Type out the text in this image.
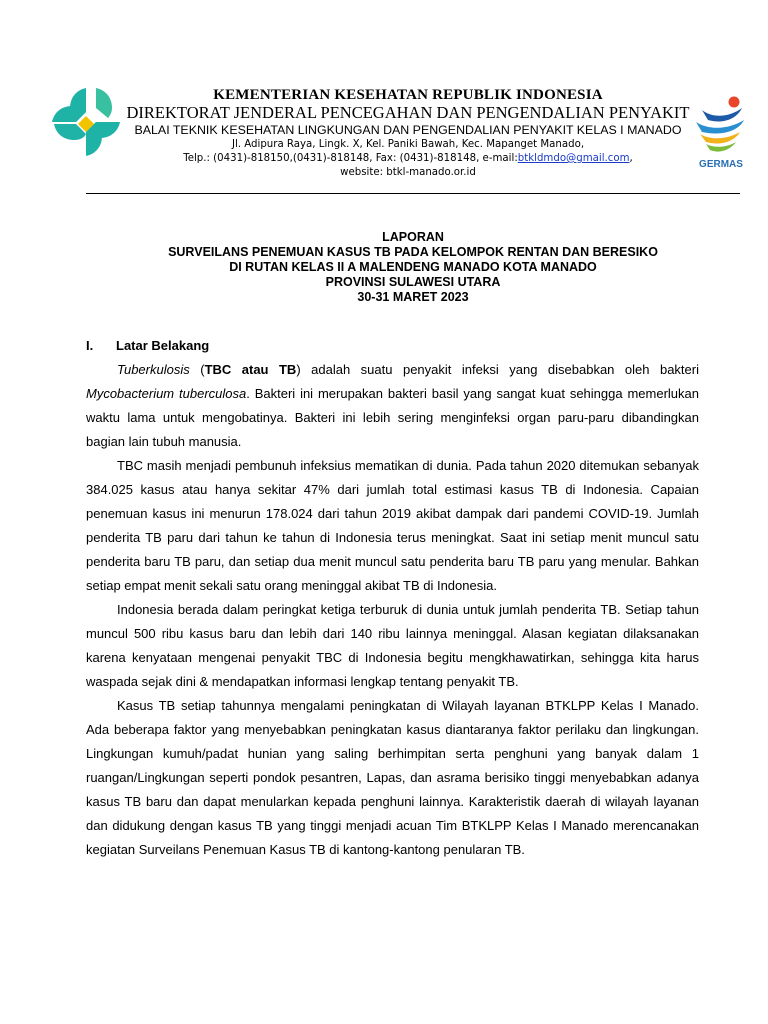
GERMAS
KEMENTERIAN KESEHATAN REPUBLIK INDONESIA
DIREKTORAT JENDERAL PENCEGAHAN DAN PENGENDALIAN PENYAKIT
BALAI TEKNIK KESEHATAN LINGKUNGAN DAN PENGENDALIAN PENYAKIT KELAS I MANADO
Jl. Adipura Raya, Lingk. X, Kel. Paniki Bawah, Kec. Mapanget Manado,
Telp.: (0431)-818150,(0431)-818148, Fax: (0431)-818148, e-mail:btkldmdo@gmail.com,
website: btkl-manado.or.id
LAPORAN
SURVEILANS PENEMUAN KASUS TB PADA KELOMPOK RENTAN DAN BERESIKO
DI RUTAN KELAS II A MALENDENG MANADO KOTA MANADO
PROVINSI SULAWESI UTARA
30-31 MARET 2023
I. Latar Belakang

Tuberkulosis (TBC atau TB) adalah suatu penyakit infeksi yang disebabkan oleh bakteri Mycobacterium tuberculosa. Bakteri ini merupakan bakteri basil yang sangat kuat sehingga memerlukan waktu lama untuk mengobatinya. Bakteri ini lebih sering menginfeksi organ paru-paru dibandingkan bagian lain tubuh manusia.

TBC masih menjadi pembunuh infeksius mematikan di dunia. Pada tahun 2020 ditemukan sebanyak 384.025 kasus atau hanya sekitar 47% dari jumlah total estimasi kasus TB di Indonesia. Capaian penemuan kasus ini menurun 178.024 dari tahun 2019 akibat dampak dari pandemi COVID-19. Jumlah penderita TB paru dari tahun ke tahun di Indonesia terus meningkat. Saat ini setiap menit muncul satu penderita baru TB paru, dan setiap dua menit muncul satu penderita baru TB paru yang menular. Bahkan setiap empat menit sekali satu orang meninggal akibat TB di Indonesia.

Indonesia berada dalam peringkat ketiga terburuk di dunia untuk jumlah penderita TB. Setiap tahun muncul 500 ribu kasus baru dan lebih dari 140 ribu lainnya meninggal. Alasan kegiatan dilaksanakan karena kenyataan mengenai penyakit TBC di Indonesia begitu mengkhawatirkan, sehingga kita harus waspada sejak dini & mendapatkan informasi lengkap tentang penyakit TB.

Kasus TB setiap tahunnya mengalami peningkatan di Wilayah layanan BTKLPP Kelas I Manado. Ada beberapa faktor yang menyebabkan peningkatan kasus diantaranya faktor perilaku dan lingkungan. Lingkungan kumuh/padat hunian yang saling berhimpitan serta penghuni yang banyak dalam 1 ruangan/Lingkungan seperti pondok pesantren, Lapas, dan asrama berisiko tinggi menyebabkan adanya kasus TB baru dan dapat menularkan kepada penghuni lainnya. Karakteristik daerah di wilayah layanan dan didukung dengan kasus TB yang tinggi menjadi acuan Tim BTKLPP Kelas I Manado merencanakan kegiatan Surveilans Penemuan Kasus TB di kantong-kantong penularan TB.
